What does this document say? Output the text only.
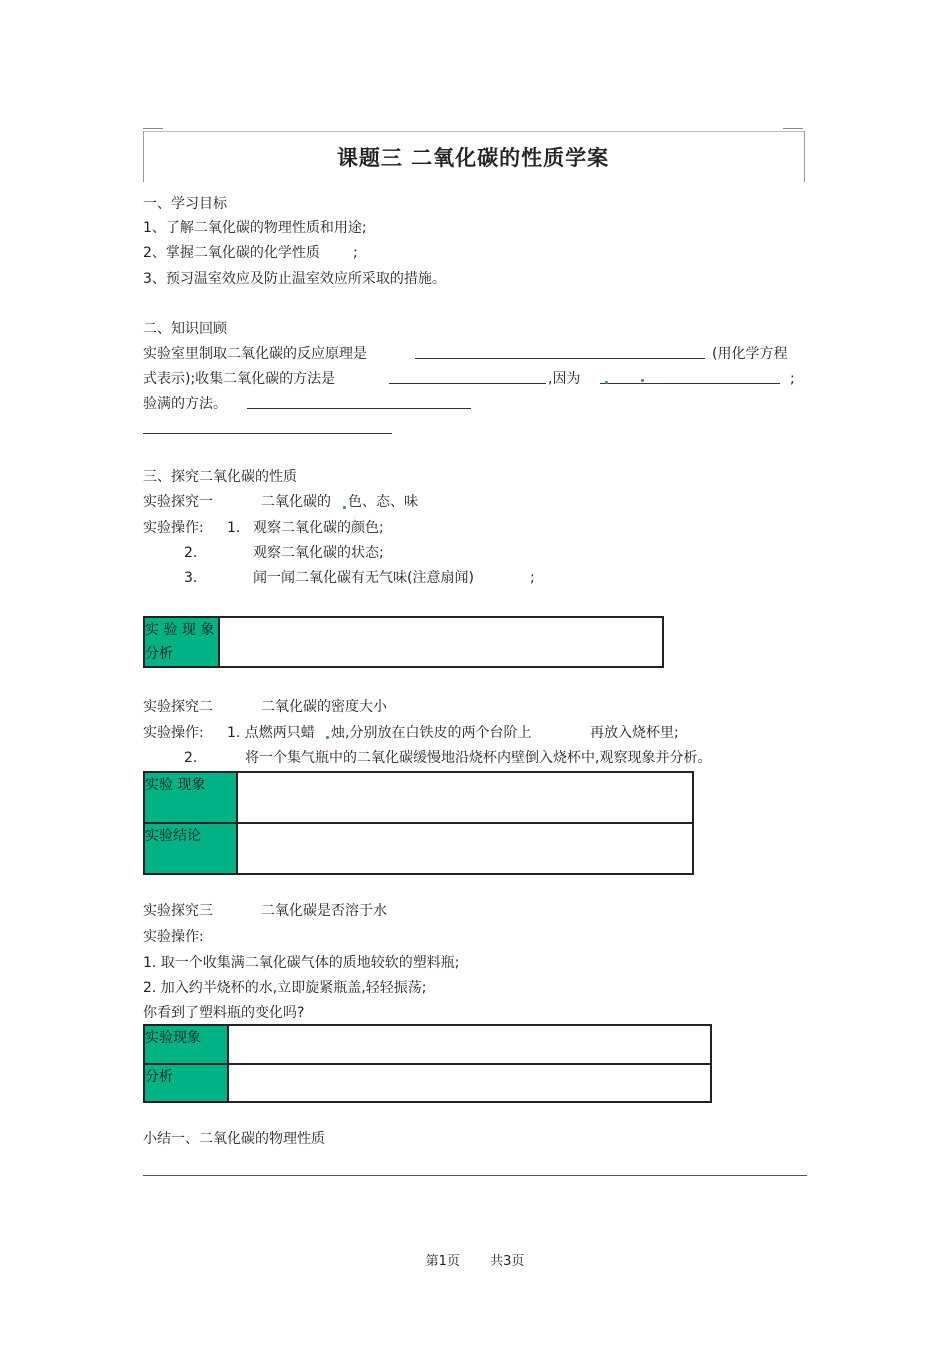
课题三 二氧化碳的性质学案
一、学习目标
1、了解二氧化碳的物理性质和用途;
2、掌握二氧化碳的化学性质 ;
3、预习温室效应及防止温室效应所采取的措施。
二、知识回顾
实验室里制取二氧化碳的反应原理是	(用化学方程
式表示);收集二氧化碳的方法是	,因为	;
验满的方法。
三、探究二氧化碳的性质
实验探究一	二氧化碳的 色、态、味
实验操作: 1. 观察二氧化碳的颜色;
2.	观察二氧化碳的状态;
3.	闻一闻二氧化碳有无气味(注意扇闻)	;
实 验 现 象 分析	
实验探究二	二氧化碳的密度大小
实验操作: 1. 点燃两只蜡 烛,分别放在白铁皮的两个台阶上	再放入烧杯里;
2.	将一个集气瓶中的二氧化碳缓慢地沿烧杯内壁倒入烧杯中,观察现象并分析。
实验 现象	
实验结论	
实验探究三	二氧化碳是否溶于水
实验操作:
1. 取一个收集满二氧化碳气体的质地较软的塑料瓶;
2. 加入约半烧杯的水,立即旋紧瓶盖,轻轻振荡;
你看到了塑料瓶的变化吗?
实验现象	
分析	
小结一、二氧化碳的物理性质
第1页 共3页
